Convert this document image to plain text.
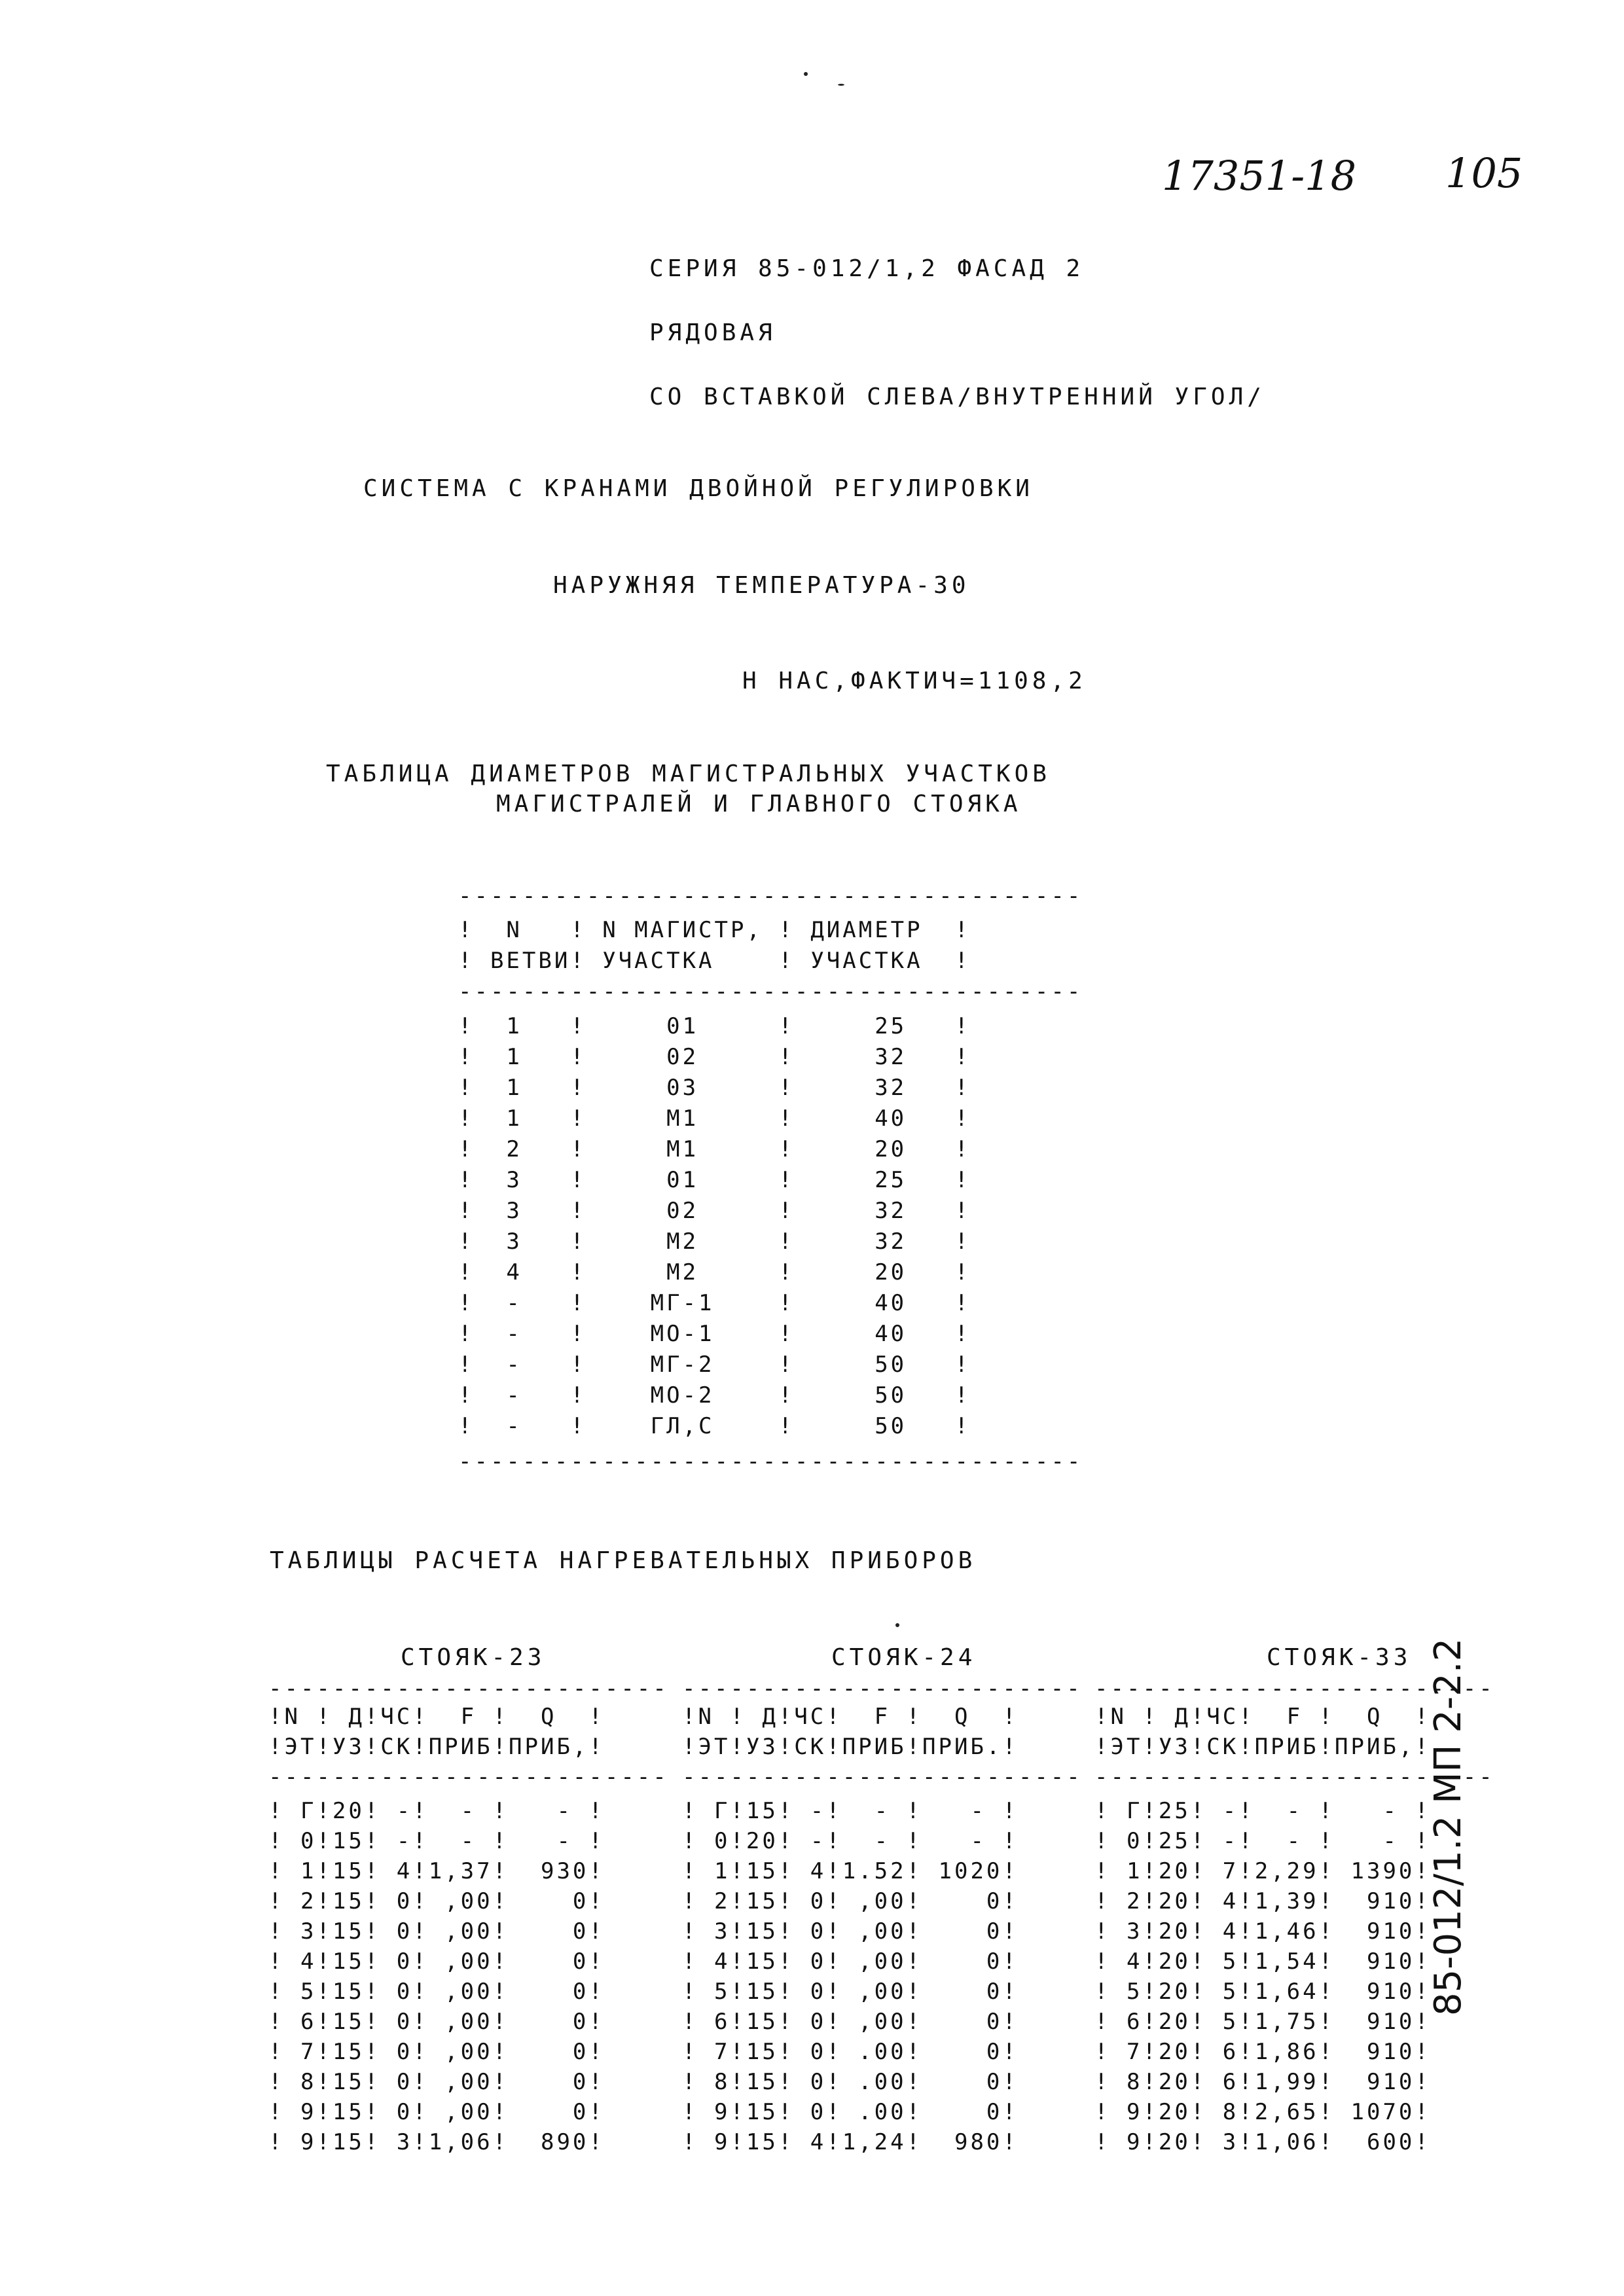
17351-18 105
СЕРИЯ 85-012/1,2 ФАСАД 2
РЯДОВАЯ
СО ВСТАВКОЙ СЛЕВА/ВНУТРЕННИЙ УГОЛ/
СИСТЕМА С КРАНАМИ ДВОЙНОЙ РЕГУЛИРОВКИ
НАРУЖНЯЯ ТЕМПЕРАТУРА-30
Н НАС,ФАКТИЧ=1108,2
ТАБЛИЦА ДИАМЕТРОВ МАГИСТРАЛЬНЫХ УЧАСТКОВ
МАГИСТРАЛЕЙ И ГЛАВНОГО СТОЯКА
---------------------------------------
!  N   ! N МАГИСТР, ! ДИАМЕТР  !
! ВЕТВИ! УЧАСТКА    ! УЧАСТКА  !
---------------------------------------
!  1   !     01     !     25   !
!  1   !     02     !     32   !
!  1   !     03     !     32   !
!  1   !     М1     !     40   !
!  2   !     М1     !     20   !
!  3   !     01     !     25   !
!  3   !     02     !     32   !
!  3   !     М2     !     32   !
!  4   !     М2     !     20   !
!  -   !    МГ-1    !     40   !
!  -   !    МО-1    !     40   !
!  -   !    МГ-2    !     50   !
!  -   !    МО-2    !     50   !
!  -   !    ГЛ,С    !     50   !
---------------------------------------
ТАБЛИЦЫ РАСЧЕТА НАГРЕВАТЕЛЬНЫХ ПРИБОРОВ
СТОЯК-23
-------------------------
!N ! Д!ЧС!  F !  Q  !
!ЭТ!УЗ!СК!ПРИБ!ПРИБ,!
-------------------------
! Г!20! -!  - !   - !
! 0!15! -!  - !   - !
! 1!15! 4!1,37!  930!
! 2!15! 0! ,00!    0!
! 3!15! 0! ,00!    0!
! 4!15! 0! ,00!    0!
! 5!15! 0! ,00!    0!
! 6!15! 0! ,00!    0!
! 7!15! 0! ,00!    0!
! 8!15! 0! ,00!    0!
! 9!15! 0! ,00!    0!
! 9!15! 3!1,06!  890!
СТОЯК-24
-------------------------
!N ! Д!ЧС!  F !  Q  !
!ЭТ!УЗ!СК!ПРИБ!ПРИБ.!
-------------------------
! Г!15! -!  - !   - !
! 0!20! -!  - !   - !
! 1!15! 4!1.52! 1020!
! 2!15! 0! ,00!    0!
! 3!15! 0! ,00!    0!
! 4!15! 0! ,00!    0!
! 5!15! 0! ,00!    0!
! 6!15! 0! ,00!    0!
! 7!15! 0! .00!    0!
! 8!15! 0! .00!    0!
! 9!15! 0! .00!    0!
! 9!15! 4!1,24!  980!
СТОЯК-33
-------------------------
!N ! Д!ЧС!  F !  Q  !
!ЭТ!УЗ!СК!ПРИБ!ПРИБ,!
-------------------------
! Г!25! -!  - !   - !
! 0!25! -!  - !   - !
! 1!20! 7!2,29! 1390!
! 2!20! 4!1,39!  910!
! 3!20! 4!1,46!  910!
! 4!20! 5!1,54!  910!
! 5!20! 5!1,64!  910!
! 6!20! 5!1,75!  910!
! 7!20! 6!1,86!  910!
! 8!20! 6!1,99!  910!
! 9!20! 8!2,65! 1070!
! 9!20! 3!1,06!  600!
85-012/1.2 МП 2-2.2
